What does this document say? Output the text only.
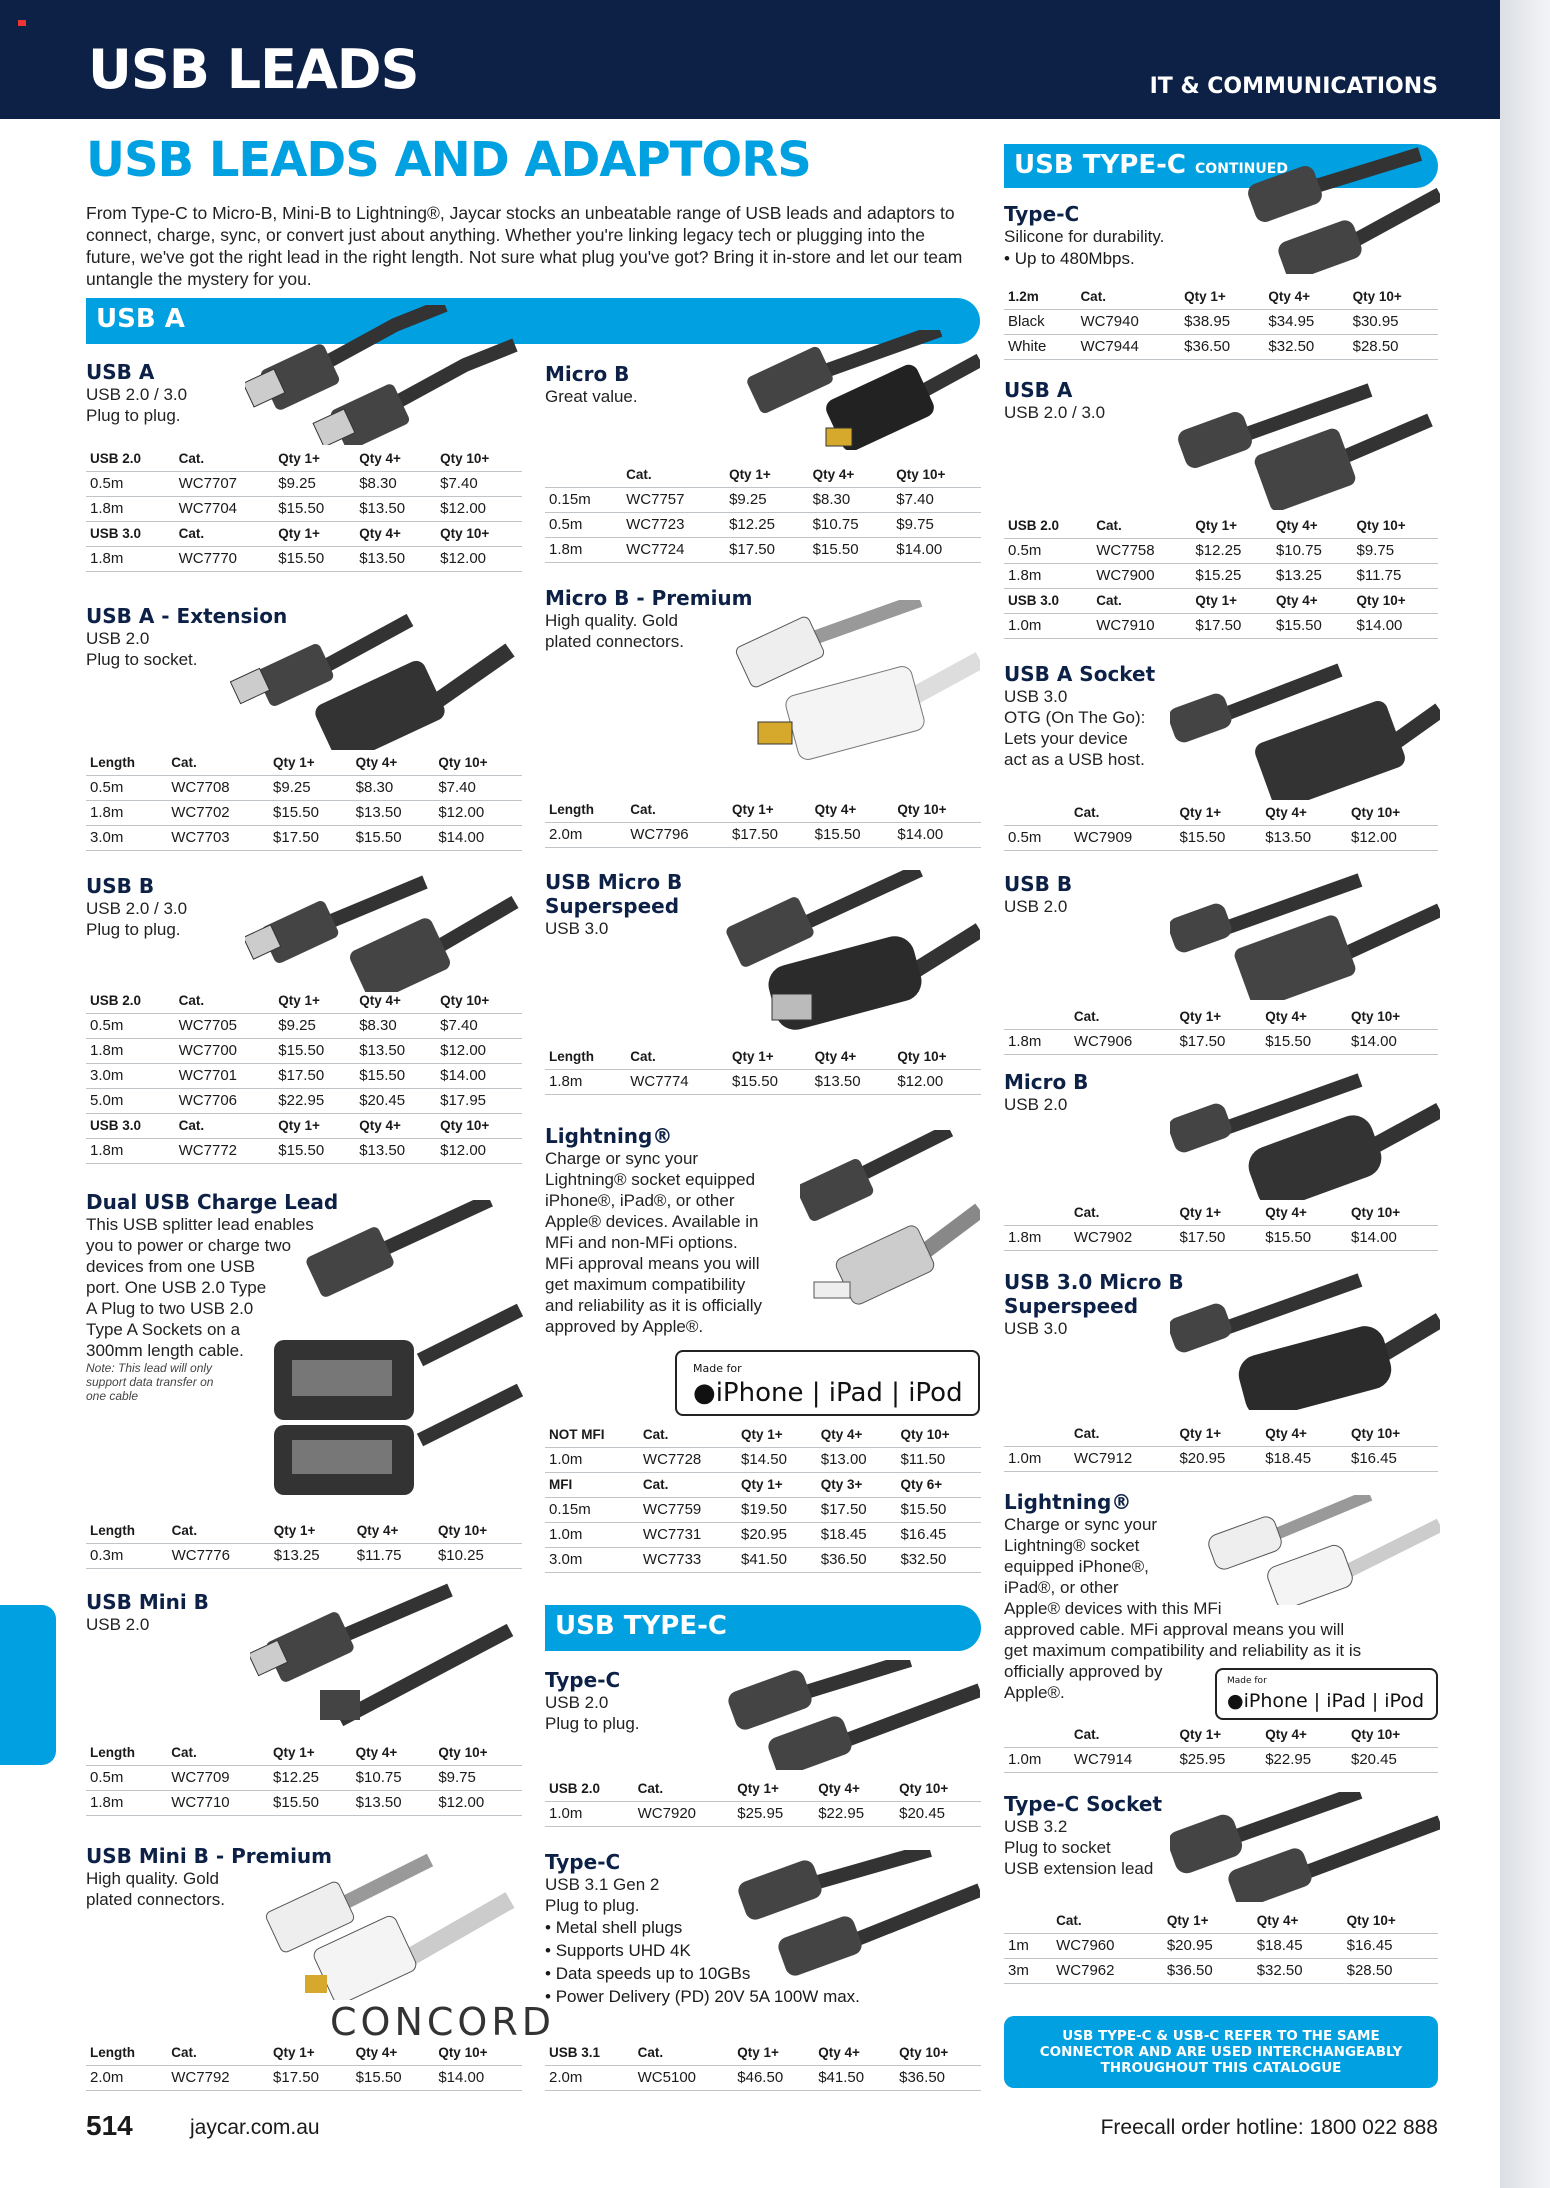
USB LEADS	IT & COMMUNICATIONS
USB LEADS AND ADAPTORS
From Type-C to Micro-B, Mini-B to Lightning®, Jaycar stocks an unbeatable range of USB leads and adaptors to connect, charge, sync, or convert just about anything. Whether you're linking legacy tech or plugging into the future, we've got the right lead in the right length. Not sure what plug you've got? Bring it in-store and let our team untangle the mystery for you.
USB A
USB TYPE-C
USB TYPE-C CONTINUED
USB A
USB 2.0 / 3.0
Plug to plug.
USB 2.0	Cat.	Qty 1+	Qty 4+	Qty 10+
0.5m	WC7707	$9.25	$8.30	$7.40
1.8m	WC7704	$15.50	$13.50	$12.00
USB 3.0	Cat.	Qty 1+	Qty 4+	Qty 10+
1.8m	WC7770	$15.50	$13.50	$12.00
USB A - Extension
USB 2.0
Plug to socket.
Length	Cat.	Qty 1+	Qty 4+	Qty 10+
0.5m	WC7708	$9.25	$8.30	$7.40
1.8m	WC7702	$15.50	$13.50	$12.00
3.0m	WC7703	$17.50	$15.50	$14.00
USB B
USB 2.0 / 3.0
Plug to plug.
USB 2.0	Cat.	Qty 1+	Qty 4+	Qty 10+
0.5m	WC7705	$9.25	$8.30	$7.40
1.8m	WC7700	$15.50	$13.50	$12.00
3.0m	WC7701	$17.50	$15.50	$14.00
5.0m	WC7706	$22.95	$20.45	$17.95
USB 3.0	Cat.	Qty 1+	Qty 4+	Qty 10+
1.8m	WC7772	$15.50	$13.50	$12.00
Dual USB Charge Lead
This USB splitter lead enables
you to power or charge two
devices from one USB
port. One USB 2.0 Type
A Plug to two USB 2.0
Type A Sockets on a
300mm length cable.
Note: This lead will only
support data transfer on
one cable
Length	Cat.	Qty 1+	Qty 4+	Qty 10+
0.3m	WC7776	$13.25	$11.75	$10.25
USB Mini B
USB 2.0
Length	Cat.	Qty 1+	Qty 4+	Qty 10+
0.5m	WC7709	$12.25	$10.75	$9.75
1.8m	WC7710	$15.50	$13.50	$12.00
USB Mini B - Premium
High quality. Gold
plated connectors.
Length	Cat.	Qty 1+	Qty 4+	Qty 10+
2.0m	WC7792	$17.50	$15.50	$14.00
Micro B
Great value.
	Cat.	Qty 1+	Qty 4+	Qty 10+
0.15m	WC7757	$9.25	$8.30	$7.40
0.5m	WC7723	$12.25	$10.75	$9.75
1.8m	WC7724	$17.50	$15.50	$14.00
Micro B - Premium
High quality. Gold
plated connectors.
Length	Cat.	Qty 1+	Qty 4+	Qty 10+
2.0m	WC7796	$17.50	$15.50	$14.00
USB Micro B
Superspeed
USB 3.0
Length	Cat.	Qty 1+	Qty 4+	Qty 10+
1.8m	WC7774	$15.50	$13.50	$12.00
Lightning®
Charge or sync your
Lightning® socket equipped
iPhone®, iPad®, or other
Apple® devices. Available in
MFi and non-MFi options.
MFi approval means you will
get maximum compatibility
and reliability as it is officially
approved by Apple®.
Made for
●iPhone | iPad | iPod
NOT MFI	Cat.	Qty 1+	Qty 4+	Qty 10+
1.0m	WC7728	$14.50	$13.00	$11.50
MFI	Cat.	Qty 1+	Qty 3+	Qty 6+
0.15m	WC7759	$19.50	$17.50	$15.50
1.0m	WC7731	$20.95	$18.45	$16.45
3.0m	WC7733	$41.50	$36.50	$32.50
Type-C
USB 2.0
Plug to plug.
USB 2.0	Cat.	Qty 1+	Qty 4+	Qty 10+
1.0m	WC7920	$25.95	$22.95	$20.45
Type-C
USB 3.1 Gen 2
Plug to plug.
• Metal shell plugs
• Supports UHD 4K
• Data speeds up to 10GBs
• Power Delivery (PD) 20V 5A 100W max.
USB 3.1	Cat.	Qty 1+	Qty 4+	Qty 10+
2.0m	WC5100	$46.50	$41.50	$36.50
Type-C
Silicone for durability.
• Up to 480Mbps.
1.2m	Cat.	Qty 1+	Qty 4+	Qty 10+
Black	WC7940	$38.95	$34.95	$30.95
White	WC7944	$36.50	$32.50	$28.50
USB A
USB 2.0 / 3.0
USB 2.0	Cat.	Qty 1+	Qty 4+	Qty 10+
0.5m	WC7758	$12.25	$10.75	$9.75
1.8m	WC7900	$15.25	$13.25	$11.75
USB 3.0	Cat.	Qty 1+	Qty 4+	Qty 10+
1.0m	WC7910	$17.50	$15.50	$14.00
USB A Socket
USB 3.0
OTG (On The Go):
Lets your device
act as a USB host.
	Cat.	Qty 1+	Qty 4+	Qty 10+
0.5m	WC7909	$15.50	$13.50	$12.00
USB B
USB 2.0
	Cat.	Qty 1+	Qty 4+	Qty 10+
1.8m	WC7906	$17.50	$15.50	$14.00
Micro B
USB 2.0
	Cat.	Qty 1+	Qty 4+	Qty 10+
1.8m	WC7902	$17.50	$15.50	$14.00
USB 3.0 Micro B
Superspeed
USB 3.0
	Cat.	Qty 1+	Qty 4+	Qty 10+
1.0m	WC7912	$20.95	$18.45	$16.45
Lightning®
Charge or sync your
Lightning® socket
equipped iPhone®,
iPad®, or other
Apple® devices with this MFi
approved cable. MFi approval means you will
get maximum compatibility and reliability as it is
officially approved by
Apple®.
Made for
●iPhone | iPad | iPod
	Cat.	Qty 1+	Qty 4+	Qty 10+
1.0m	WC7914	$25.95	$22.95	$20.45
Type-C Socket
USB 3.2
Plug to socket
USB extension lead
	Cat.	Qty 1+	Qty 4+	Qty 10+
1m	WC7960	$20.95	$18.45	$16.45
3m	WC7962	$36.50	$32.50	$28.50
CONCORD	USB TYPE-C & USB-C REFER TO THE SAME CONNECTOR AND ARE USED INTERCHANGEABLY THROUGHOUT THIS CATALOGUE
514	jaycar.com.au	Freecall order hotline: 1800 022 888
